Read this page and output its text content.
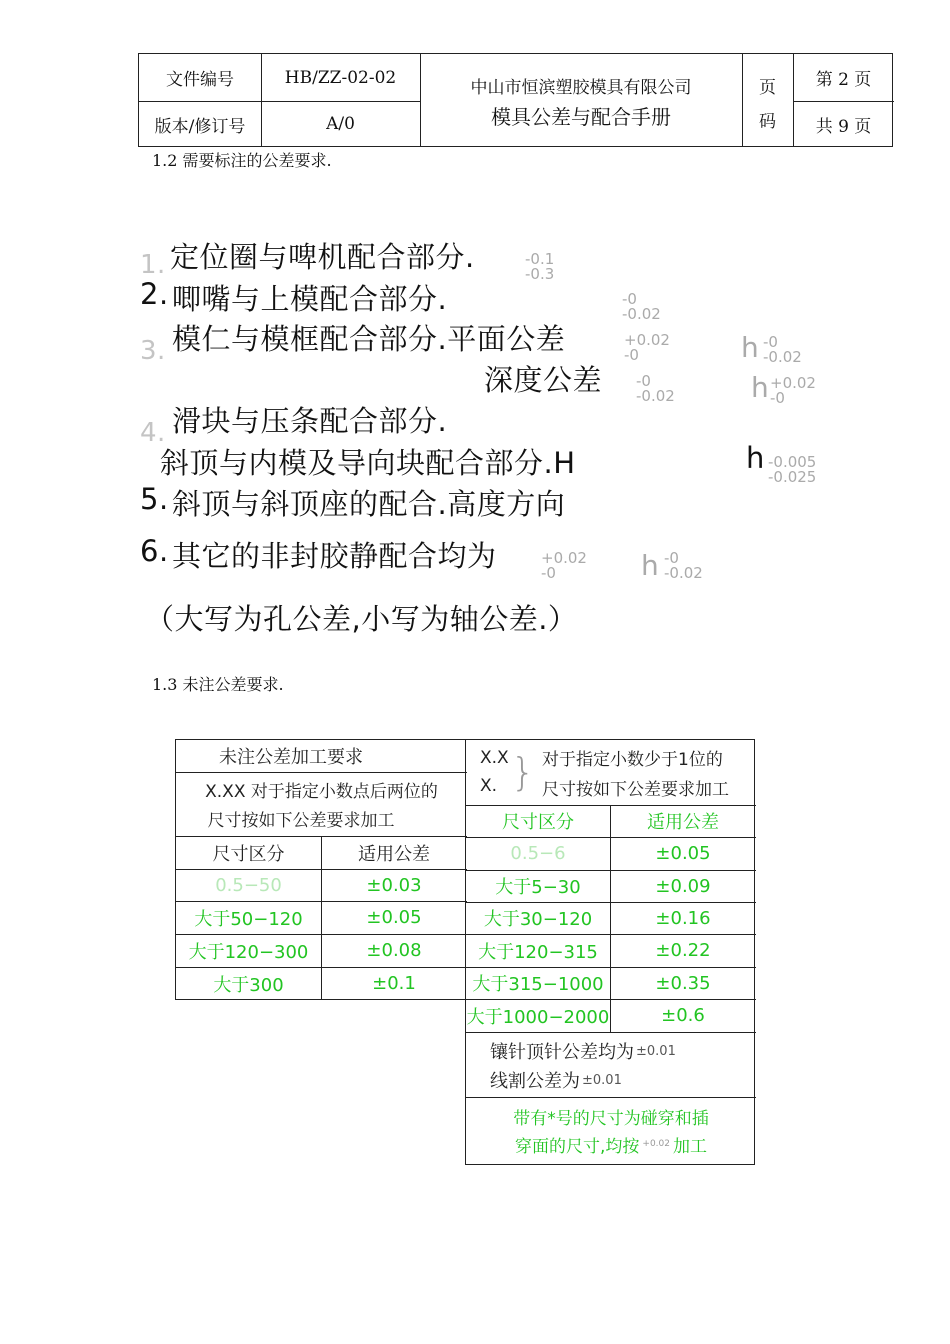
文件编号	HB/ZZ-02-02
版本/修订号	A/0
中山市恒滨塑胶模具有限公司
模具公差与配合手册
页
码
第 2 页
共 9 页
1.2 需要标注的公差要求.
1. 定位圈与啤机配合部分.	-0.1
-0.3
2. 唧嘴与上模配合部分.	-0
-0.02
3. 模仁与模框配合部分.平面公差	+0.02
-0	h -0
-0.02
深度公差 -0
-0.02	h +0.02
-0
4. 滑块与压条配合部分.
斜顶与内模及导向块配合部分.H	h -0.005
-0.025
5. 斜顶与斜顶座的配合.高度方向
6. 其它的非封胶静配合均为	+0.02
-0	h -0
-0.02
（大写为孔公差,小写为轴公差.）
1.3 未注公差要求.
未注公差加工要求
X.XX 对于指定小数点后两位的
尺寸按如下公差要求加工
尺寸区分	适用公差
0.5−50	±0.03
大于50−120	±0.05
大于120−300	±0.08
大于300	±0.1
X.X
X. } 对于指定小数少于1位的
尺寸按如下公差要求加工
尺寸区分	适用公差
0.5−6	±0.05
大于5−30	±0.09
大于30−120	±0.16
大于120−315	±0.22
大于315−1000	±0.35
大于1000−2000	±0.6
镶针顶针公差均为 ±0.01
线割公差为 ±0.01
带有*号的尺寸为碰穿和插
穿面的尺寸,均按 +0.02 加工
